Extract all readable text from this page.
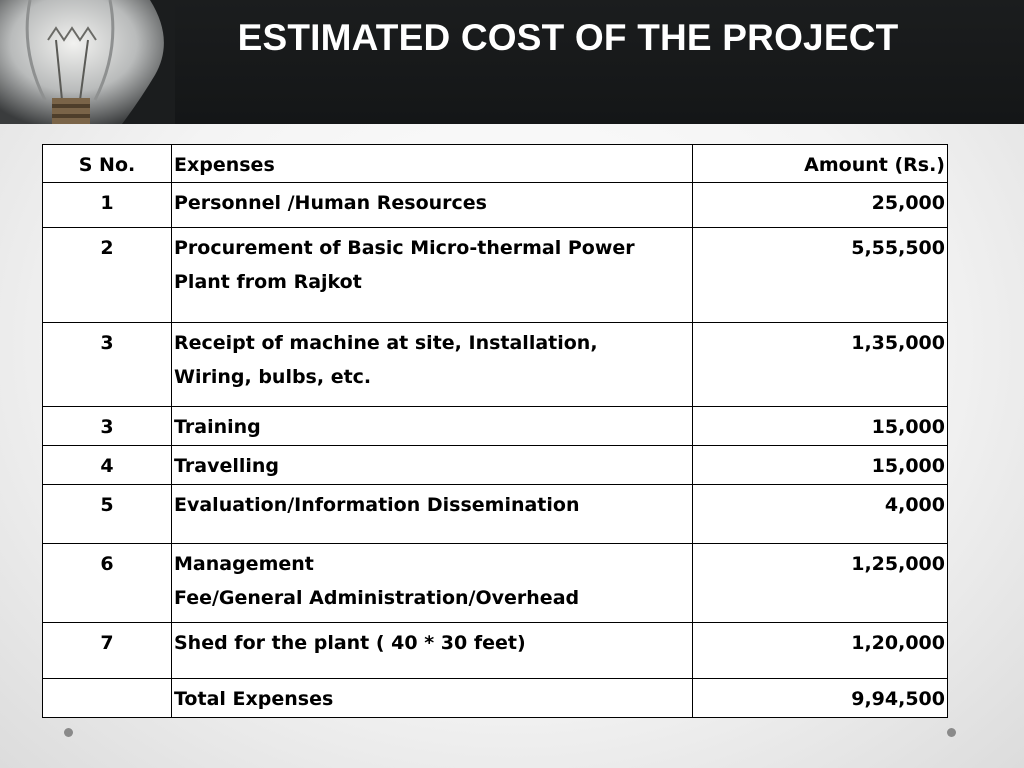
ESTIMATED COST OF THE PROJECT
S No.	Expenses	Amount (Rs.)
1	Personnel /Human Resources	25,000
2	Procurement of Basic Micro-thermal Power
Plant from Rajkot	5,55,500
3	Receipt of machine at site, Installation,
Wiring, bulbs, etc.	1,35,000
3	Training	15,000
4	Travelling	15,000
5	Evaluation/Information Dissemination	4,000
6	Management
Fee/General Administration/Overhead	1,25,000
7	Shed for the plant ( 40 * 30 feet)	1,20,000
	Total Expenses	9,94,500
